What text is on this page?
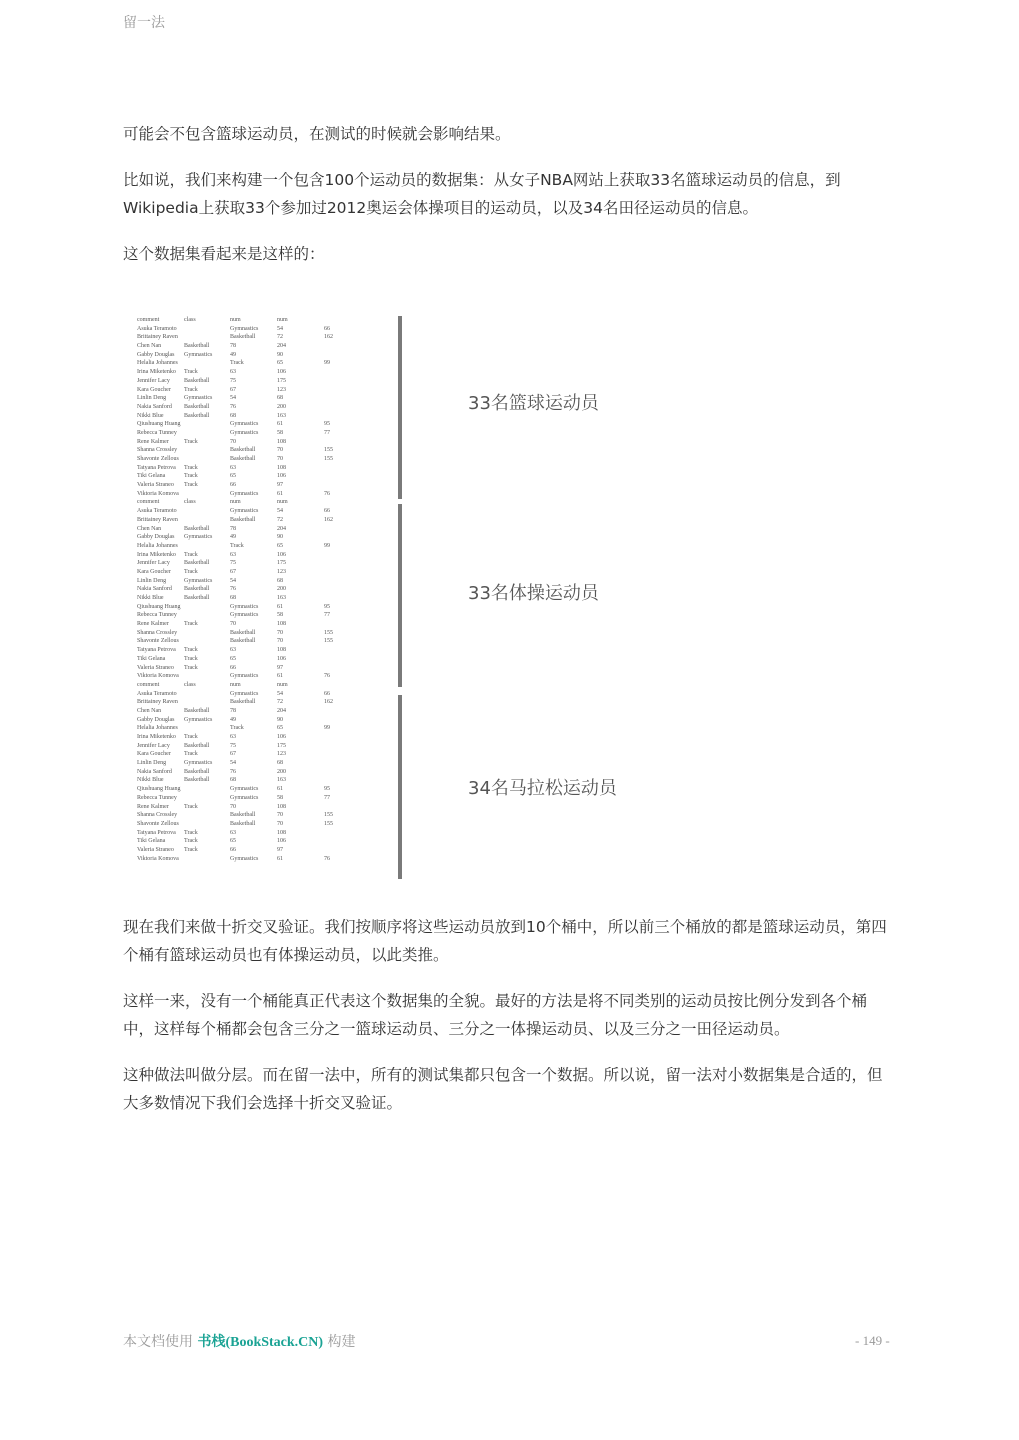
留一法

可能会不包含篮球运动员，在测试的时候就会影响结果。

比如说，我们来构建一个包含100个运动员的数据集：从女子NBA网站上获取33名篮球运动员的信息，到Wikipedia上获取33个参加过2012奥运会体操项目的运动员，以及34名田径运动员的信息。

这个数据集看起来是这样的：

comment	class	num	num
Asuka Teramoto	Gymnastics	54	66
Brittainey Raven	Basketball	72	162
Chen Nan	Basketball	78	204
Gabby Douglas	Gymnastics	49	90
Helalia Johannes	Track	65	99
Irina Miketenko	Track	63	106
Jennifer Lacy	Basketball	75	175
Kara Goucher	Track	67	123
Linlin Deng	Gymnastics	54	68
Nakia Sanford	Basketball	76	200
Nikki Blue	Basketball	68	163
Qiushuang Huang	Gymnastics	61	95
Rebecca Tunney	Gymnastics	58	77
Rene Kalmer	Track	70	108
Shanna Crossley	Basketball	70	155
Shavonte Zellous	Basketball	70	155
Tatyana Petrova	Track	63	108
Tiki Gelana	Track	65	106
Valeria Straneo	Track	66	97
Viktoria Komova	Gymnastics	61	76
comment	class	num	num
Asuka Teramoto	Gymnastics	54	66
Brittainey Raven	Basketball	72	162
Chen Nan	Basketball	78	204
Gabby Douglas	Gymnastics	49	90
Helalia Johannes	Track	65	99
Irina Miketenko	Track	63	106
Jennifer Lacy	Basketball	75	175
Kara Goucher	Track	67	123
Linlin Deng	Gymnastics	54	68
Nakia Sanford	Basketball	76	200
Nikki Blue	Basketball	68	163
Qiushuang Huang	Gymnastics	61	95
Rebecca Tunney	Gymnastics	58	77
Rene Kalmer	Track	70	108
Shanna Crossley	Basketball	70	155
Shavonte Zellous	Basketball	70	155
Tatyana Petrova	Track	63	108
Tiki Gelana	Track	65	106
Valeria Straneo	Track	66	97
Viktoria Komova	Gymnastics	61	76
comment	class	num	num
Asuka Teramoto	Gymnastics	54	66
Brittainey Raven	Basketball	72	162
Chen Nan	Basketball	78	204
Gabby Douglas	Gymnastics	49	90
Helalia Johannes	Track	65	99
Irina Miketenko	Track	63	106
Jennifer Lacy	Basketball	75	175
Kara Goucher	Track	67	123
Linlin Deng	Gymnastics	54	68
Nakia Sanford	Basketball	76	200
Nikki Blue	Basketball	68	163
Qiushuang Huang	Gymnastics	61	95
Rebecca Tunney	Gymnastics	58	77
Rene Kalmer	Track	70	108
Shanna Crossley	Basketball	70	155
Shavonte Zellous	Basketball	70	155
Tatyana Petrova	Track	63	108
Tiki Gelana	Track	65	106
Valeria Straneo	Track	66	97
Viktoria Komova	Gymnastics	61	76
33名篮球运动员
33名体操运动员
34名马拉松运动员

现在我们来做十折交叉验证。我们按顺序将这些运动员放到10个桶中，所以前三个桶放的都是篮球运动员，第四个桶有篮球运动员也有体操运动员，以此类推。

这样一来，没有一个桶能真正代表这个数据集的全貌。最好的方法是将不同类别的运动员按比例分发到各个桶中，这样每个桶都会包含三分之一篮球运动员、三分之一体操运动员、以及三分之一田径运动员。

这种做法叫做分层。而在留一法中，所有的测试集都只包含一个数据。所以说，留一法对小数据集是合适的，但大多数情况下我们会选择十折交叉验证。

本文档使用 书栈(BookStack.CN) 构建	- 149 -
